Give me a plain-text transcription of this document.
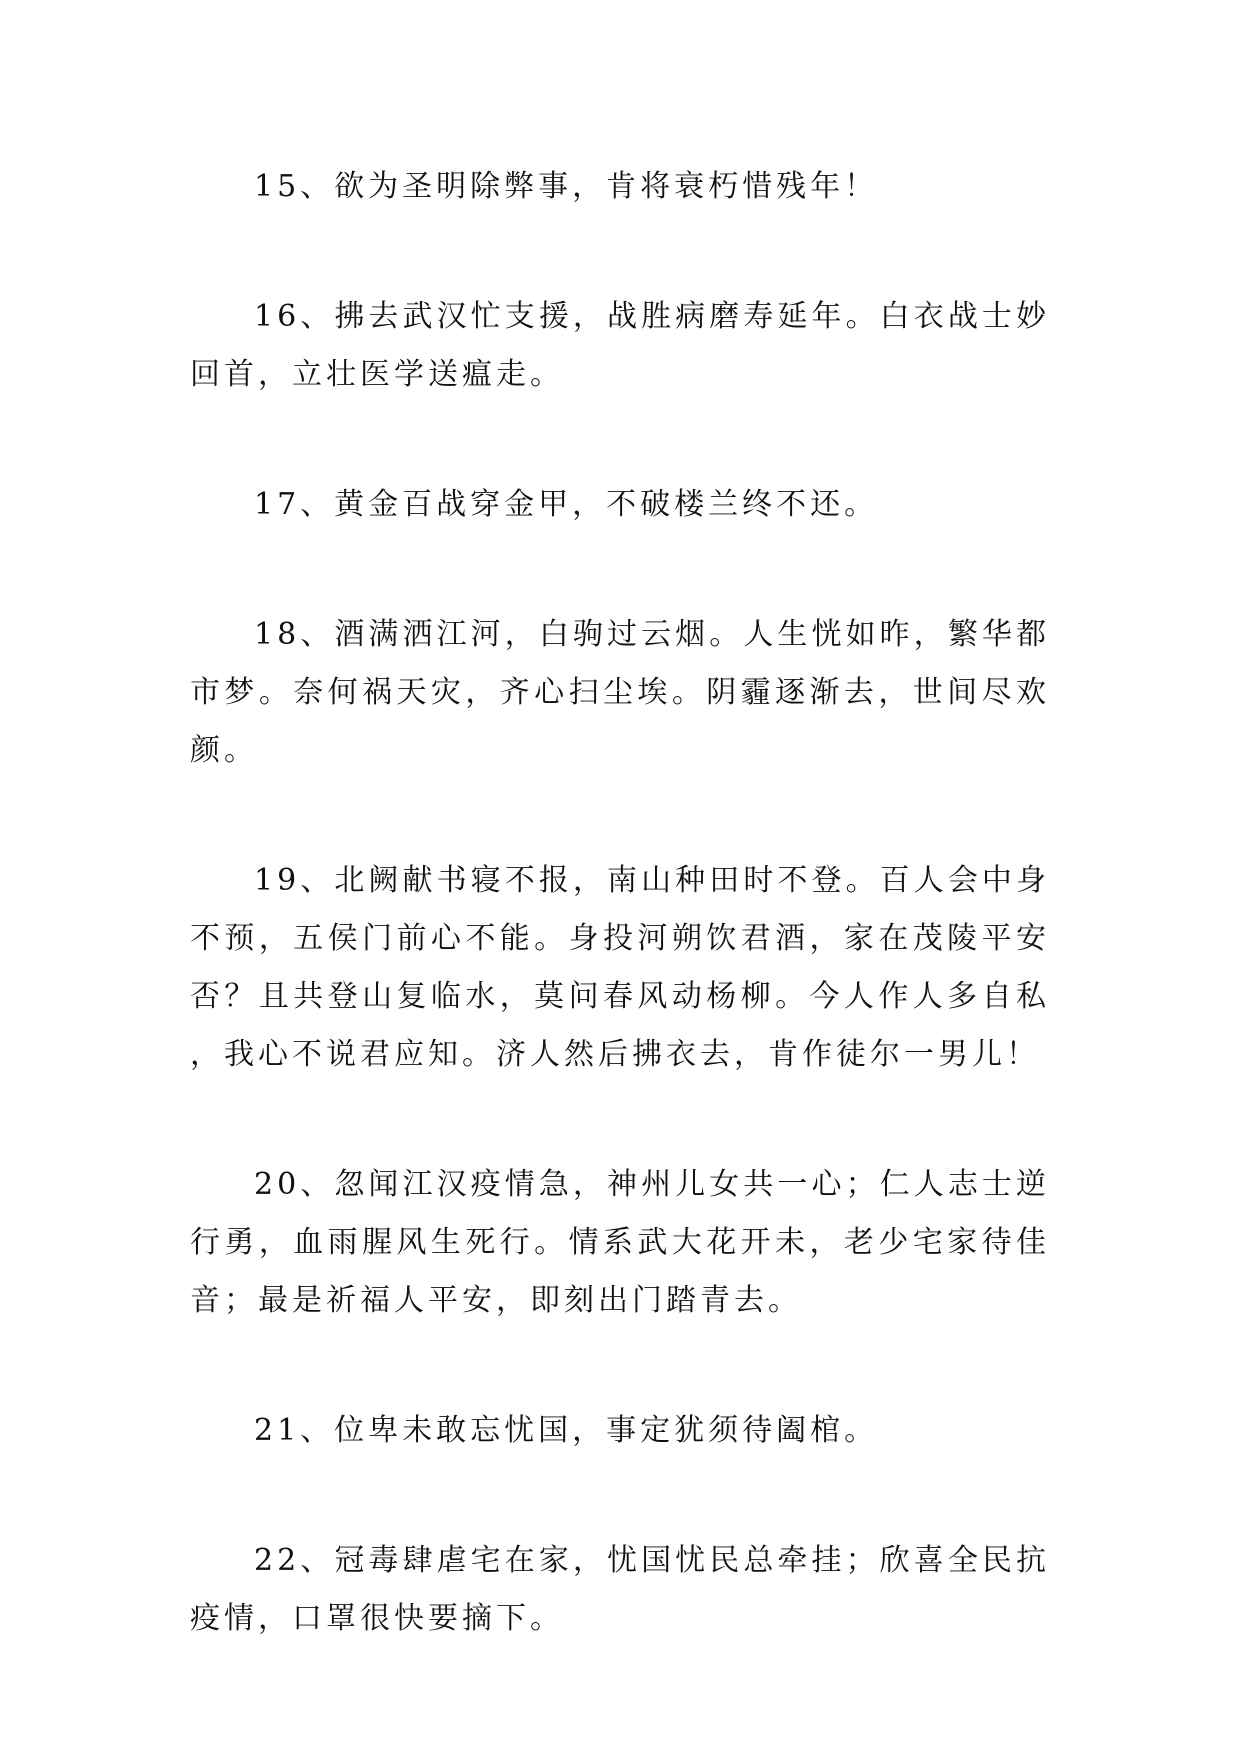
15、欲为圣明除弊事，肯将衰朽惜残年！

16、拂去武汉忙支援，战胜病磨寿延年。白衣战士妙回首，立壮医学送瘟走。

17、黄金百战穿金甲，不破楼兰终不还。

18、酒满洒江河，白驹过云烟。人生恍如昨，繁华都市梦。奈何祸天灾，齐心扫尘埃。阴霾逐渐去，世间尽欢颜。

19、北阙献书寝不报，南山种田时不登。百人会中身不预，五侯门前心不能。身投河朔饮君酒，家在茂陵平安否？且共登山复临水，莫问春风动杨柳。今人作人多自私，我心不说君应知。济人然后拂衣去，肯作徒尔一男儿！

20、忽闻江汉疫情急，神州儿女共一心；仁人志士逆行勇，血雨腥风生死行。情系武大花开未，老少宅家待佳音；最是祈福人平安，即刻出门踏青去。

21、位卑未敢忘忧国，事定犹须待阖棺。

22、冠毒肆虐宅在家，忧国忧民总牵挂；欣喜全民抗疫情，口罩很快要摘下。
